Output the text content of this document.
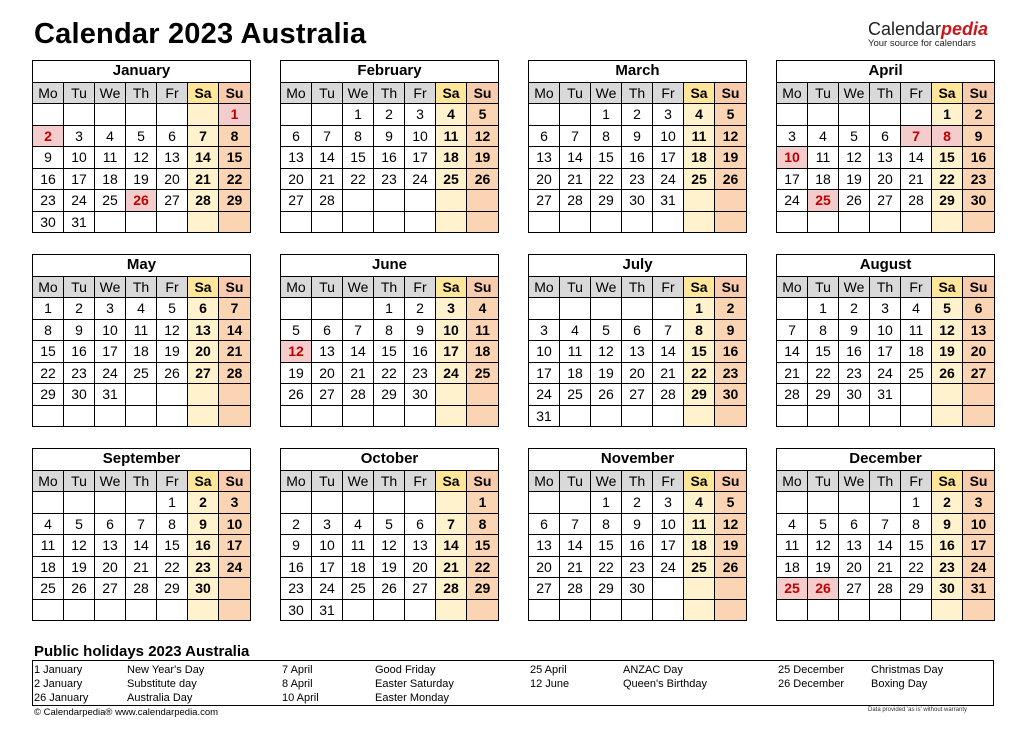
Calendar 2023 Australia	Calendarpedia
Your source for calendars
January						
Mo	Tu	We	Th	Fr	Sa	Su
						1
2	3	4	5	6	7	8
9	10	11	12	13	14	15
16	17	18	19	20	21	22
23	24	25	26	27	28	29
30	31					
February						
Mo	Tu	We	Th	Fr	Sa	Su
		1	2	3	4	5
6	7	8	9	10	11	12
13	14	15	16	17	18	19
20	21	22	23	24	25	26
27	28					

March						
Mo	Tu	We	Th	Fr	Sa	Su
		1	2	3	4	5
6	7	8	9	10	11	12
13	14	15	16	17	18	19
20	21	22	23	24	25	26
27	28	29	30	31		

April						
Mo	Tu	We	Th	Fr	Sa	Su
					1	2
3	4	5	6	7	8	9
10	11	12	13	14	15	16
17	18	19	20	21	22	23
24	25	26	27	28	29	30

May						
Mo	Tu	We	Th	Fr	Sa	Su
1	2	3	4	5	6	7
8	9	10	11	12	13	14
15	16	17	18	19	20	21
22	23	24	25	26	27	28
29	30	31				

June						
Mo	Tu	We	Th	Fr	Sa	Su
			1	2	3	4
5	6	7	8	9	10	11
12	13	14	15	16	17	18
19	20	21	22	23	24	25
26	27	28	29	30		

July						
Mo	Tu	We	Th	Fr	Sa	Su
					1	2
3	4	5	6	7	8	9
10	11	12	13	14	15	16
17	18	19	20	21	22	23
24	25	26	27	28	29	30
31						
August						
Mo	Tu	We	Th	Fr	Sa	Su
	1	2	3	4	5	6
7	8	9	10	11	12	13
14	15	16	17	18	19	20
21	22	23	24	25	26	27
28	29	30	31			

September						
Mo	Tu	We	Th	Fr	Sa	Su
				1	2	3
4	5	6	7	8	9	10
11	12	13	14	15	16	17
18	19	20	21	22	23	24
25	26	27	28	29	30	

October						
Mo	Tu	We	Th	Fr	Sa	Su
						1
2	3	4	5	6	7	8
9	10	11	12	13	14	15
16	17	18	19	20	21	22
23	24	25	26	27	28	29
30	31					
November						
Mo	Tu	We	Th	Fr	Sa	Su
		1	2	3	4	5
6	7	8	9	10	11	12
13	14	15	16	17	18	19
20	21	22	23	24	25	26
27	28	29	30			

December						
Mo	Tu	We	Th	Fr	Sa	Su
				1	2	3
4	5	6	7	8	9	10
11	12	13	14	15	16	17
18	19	20	21	22	23	24
25	26	27	28	29	30	31

Public holidays 2023 Australia
1 January	New Year's Day
2 January	Substitute day
26 January	Australia Day
7 April	Good Friday
8 April	Easter Saturday
10 April	Easter Monday
25 April	ANZAC Day
12 June	Queen's Birthday
25 December Christmas Day
26 December Boxing Day
© Calendarpedia® www.calendarpedia.com	Data provided 'as is' without warranty
